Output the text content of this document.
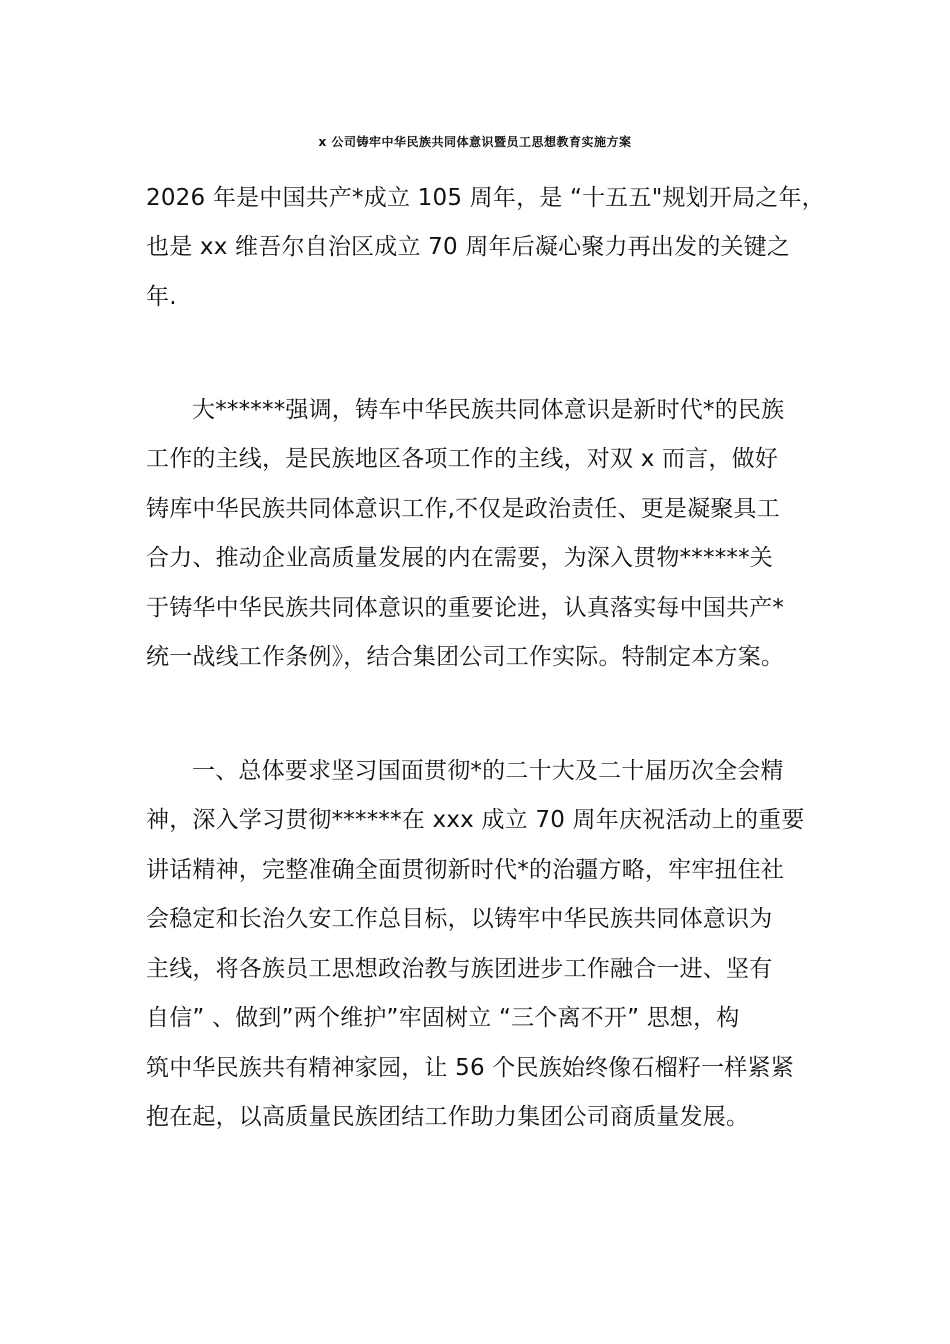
x 公司铸牢中华民族共同体意识暨员工思想教育实施方案
2026 年是中国共产*成立 105 周年，是 “十五五"规划开局之年，
也是 xx 维吾尔自治区成立 70 周年后凝心聚力再出发的关键之
年.
大******强调，铸车中华民族共同体意识是新时代*的民族
工作的主线，是民族地区各项工作的主线，对双 x 而言，做好
铸库中华民族共同体意识工作,不仅是政治责任、更是凝聚具工
合力、推动企业高质量发展的内在需要，为深入贯物******关
于铸华中华民族共同体意识的重要论进，认真落实每中国共产*
统一战线工作条例》，结合集团公司工作实际。特制定本方案。
一、总体要求坚习国面贯彻*的二十大及二十届历次全会精
神，深入学习贯彻******在 xxx 成立 70 周年庆祝活动上的重要
讲话精神，完整准确全面贯彻新时代*的治疆方略，牢牢扭住社
会稳定和长治久安工作总目标，以铸牢中华民族共同体意识为
主线，将各族员工思想政治教与族团进步工作融合一进、坚有
自信” 、做到”两个维护”牢固树立 “三个离不开” 思想，构
筑中华民族共有精神家园，让 56 个民族始终像石榴籽一样紧紧
抱在起，以高质量民族团结工作助力集团公司商质量发展。
